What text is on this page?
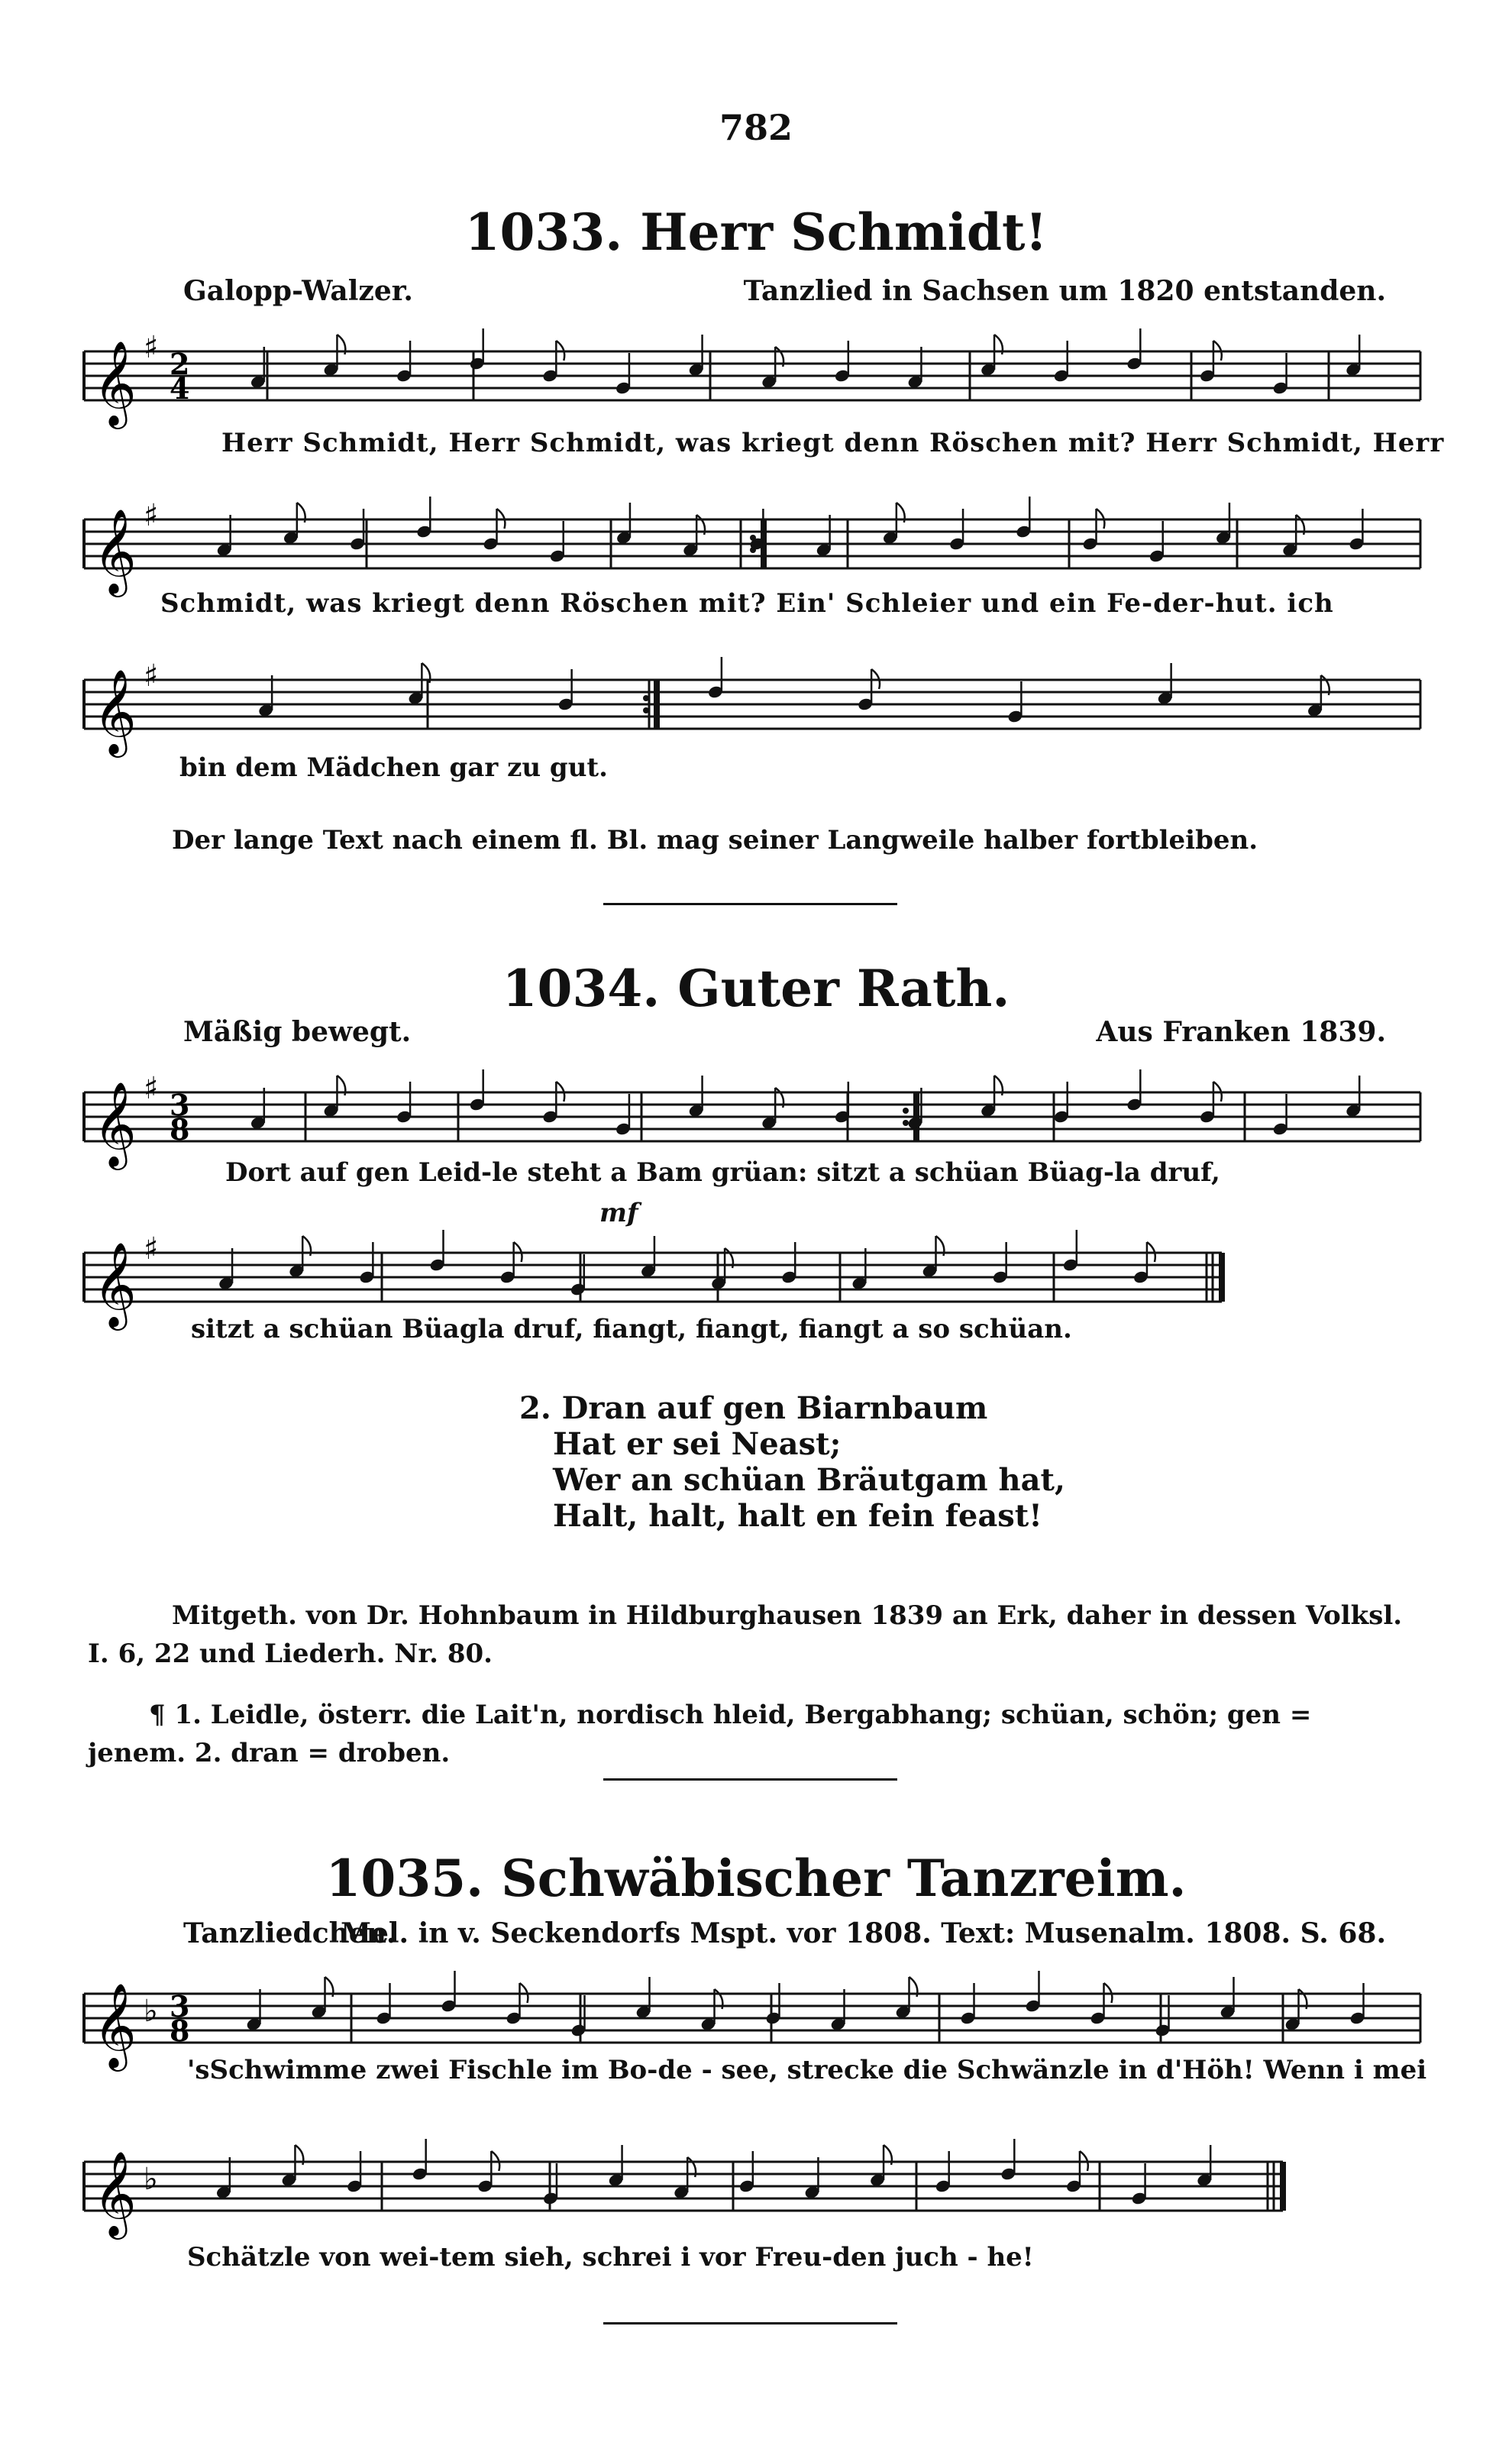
782
1033. Herr Schmidt!
Galopp-Walzer.	Tanzlied in Sachsen um 1820 entstanden.
𝄞 ♯ 2
4
Herr Schmidt, Herr Schmidt, was kriegt denn Röschen mit? Herr Schmidt, Herr
𝄞 ♯
Schmidt, was kriegt denn Röschen mit? Ein' Schleier und ein Fe-der-hut. ich
𝄞 ♯
bin dem Mädchen gar zu gut.
Der lange Text nach einem fl. Bl. mag seiner Langweile halber fortbleiben.
1034. Guter Rath.
Mäßig bewegt.	Aus Franken 1839.
𝄞 ♯ 3
8
Dort auf gen Leid-le steht a Bam grüan: sitzt a schüan Büag-la druf,
mf
𝄞 ♯
sitzt a schüan Büagla druf, fiangt, fiangt, fiangt a so schüan.
2. Dran auf gen Biarnbaum
Hat er sei Neast;
Wer an schüan Bräutgam hat,
Halt, halt, halt en fein feast!
Mitgeth. von Dr. Hohnbaum in Hildburghausen 1839 an Erk, daher in dessen Volksl. I. 6, 22 und Liederh. Nr. 80.
¶ 1. Leidle, österr. die Lait'n, nordisch hleid, Bergabhang; schüan, schön; gen = jenem. 2. dran = droben.
1035. Schwäbischer Tanzreim.
Tanzliedchen.
Mel. in v. Seckendorfs Mspt. vor 1808. Text: Musenalm. 1808. S. 68.
𝄞 ♭ 3
8
'sSchwimme zwei Fischle im Bo-de - see, strecke die Schwänzle in d'Höh! Wenn i mei
𝄞 ♭
Schätzle von wei-tem sieh, schrei i vor Freu-den juch - he!
